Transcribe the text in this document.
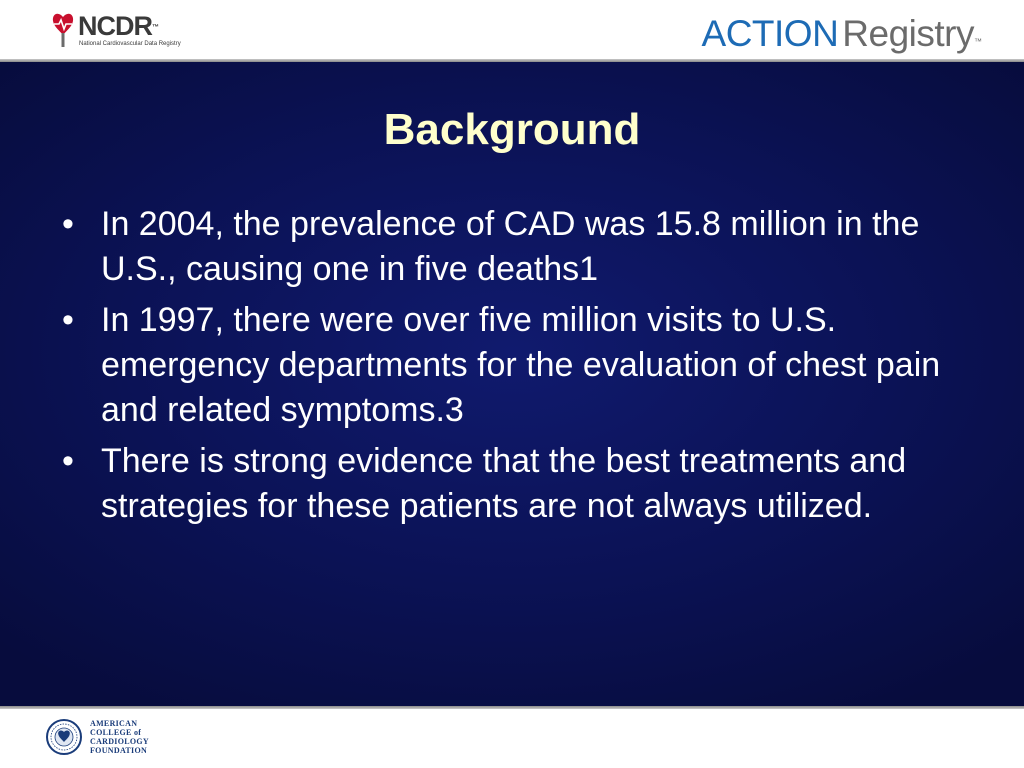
NCDR™
National Cardiovascular Data Registry	ACTION Registry™
Background
• In 2004, the prevalence of CAD was 15.8 million in the U.S., causing one in five deaths1
• In 1997, there were over five million visits to U.S. emergency departments for the evaluation of chest pain and related symptoms.3
• There is strong evidence that the best treatments and strategies for these patients are not always utilized.
AMERICAN
COLLEGE of
CARDIOLOGY
FOUNDATION
